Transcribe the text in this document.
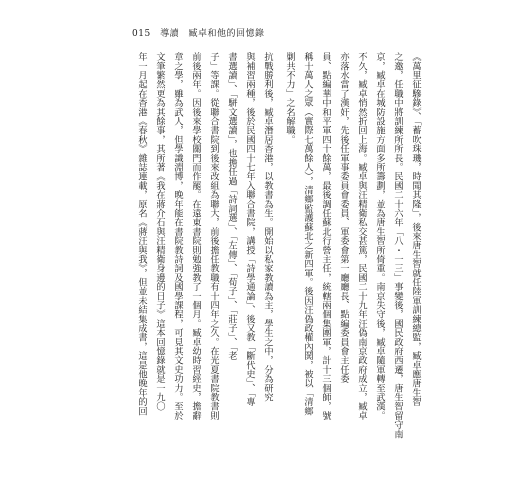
015 導讀 臧卓和他的回憶錄
《萬里征驂錄》、「蓄吹珠璣，時聞其隆」，後來唐生智就任陸軍訓練總監，臧卓應唐生智
之邀，任職中將訓練所所長。民國二十六年「八・一三」事變後，國民政府西遷，唐生智留守南
京，臧卓在城防設施方面多所籌劃，並為唐生智所倚重。南京失守後，臧卓隨軍轉至武漢。
不久，臧卓悄然折回上海。臧卓與汪精衛私交甚篤，民國二十九年汪偽南京政府成立，臧卓
亦落水當了漢奸，先後任軍事委員會委員、軍委會第一廳廳長、點編委員會主任委
員、點編華中和平軍四十餘萬，最後調任蘇北行營主任，統轄兩個集團軍，計十三個師，號
稱十萬人之眾（實際七萬餘人），清鄉監護蘇北之新四軍。後因汪偽政權內鬨，被以「清鄉
剿共不力」之名解職。
抗戰勝利後，臧卓潛居香港，以教書為生。開始以私家教讀為主，學生之中，分為研究
與補習兩種，後於民國四十七年入聯合書院，講授「詩學通論」、後又教「斷代史」、「專
書選讀」、「駢文選讀」，也擔任過「詩詞選」、「左傳」、「荀子」、「莊子」、「老
子」等課。從聯合書院到後來改組為聯大，前後擔任教職有十四年之久。在光夏書院教書則
前後兩年。因後來學校關門而作罷。在遠東書院則勉強教了一個月。臧卓幼時習經史，擔辭
章之學，雖為武人，但學識淵博，晚年能在書院教詩詞及國學課程，可見其文史功力。至於
文筆繁然更為其餘事，其所著《我在蔣介石與汪精衛身邊的日子》這本回憶錄就是一九〇
年一月起在香港《春秋》雜誌連載，原名《蔣汪與我》，但並未結集成書，這是他晚年的回
